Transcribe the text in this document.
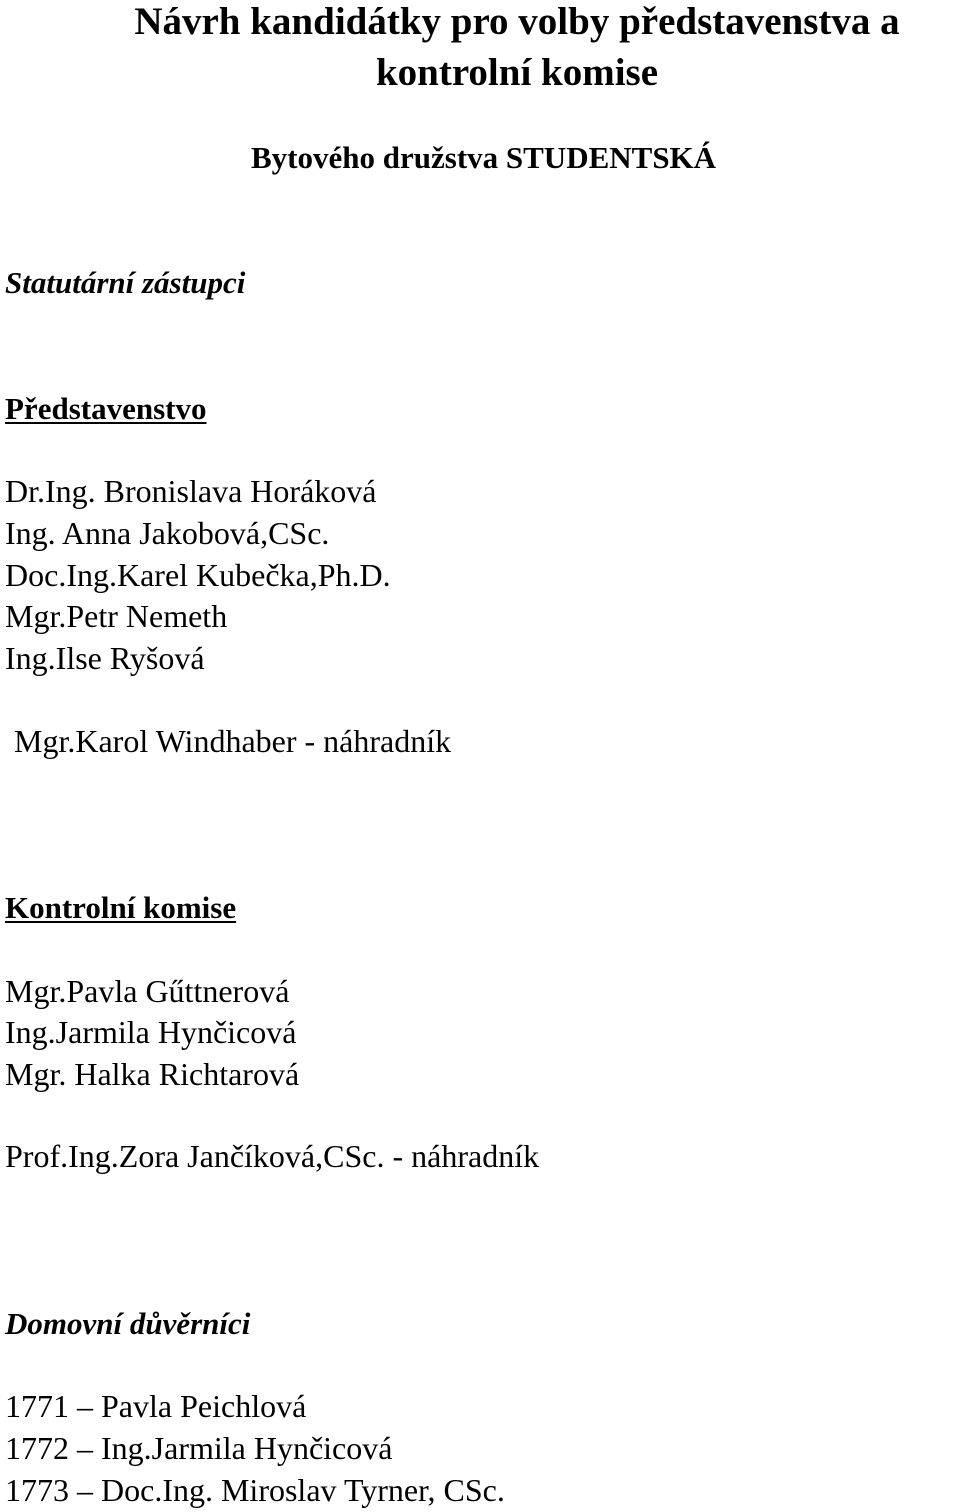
Návrh kandidátky pro volby představenstva a
kontrolní komise
Bytového družstva STUDENTSKÁ
Statutární zástupci
Představenstvo
Dr.Ing. Bronislava Horáková
Ing. Anna Jakobová,CSc.
Doc.Ing.Karel Kubečka,Ph.D.
Mgr.Petr Nemeth
Ing.Ilse Ryšová
Mgr.Karol Windhaber - náhradník
Kontrolní komise
Mgr.Pavla Gűttnerová
Ing.Jarmila Hynčicová
Mgr. Halka Richtarová
Prof.Ing.Zora Jančíková,CSc. - náhradník
Domovní důvěrníci
1771 – Pavla Peichlová
1772 – Ing.Jarmila Hynčicová
1773 – Doc.Ing. Miroslav Tyrner, CSc.
